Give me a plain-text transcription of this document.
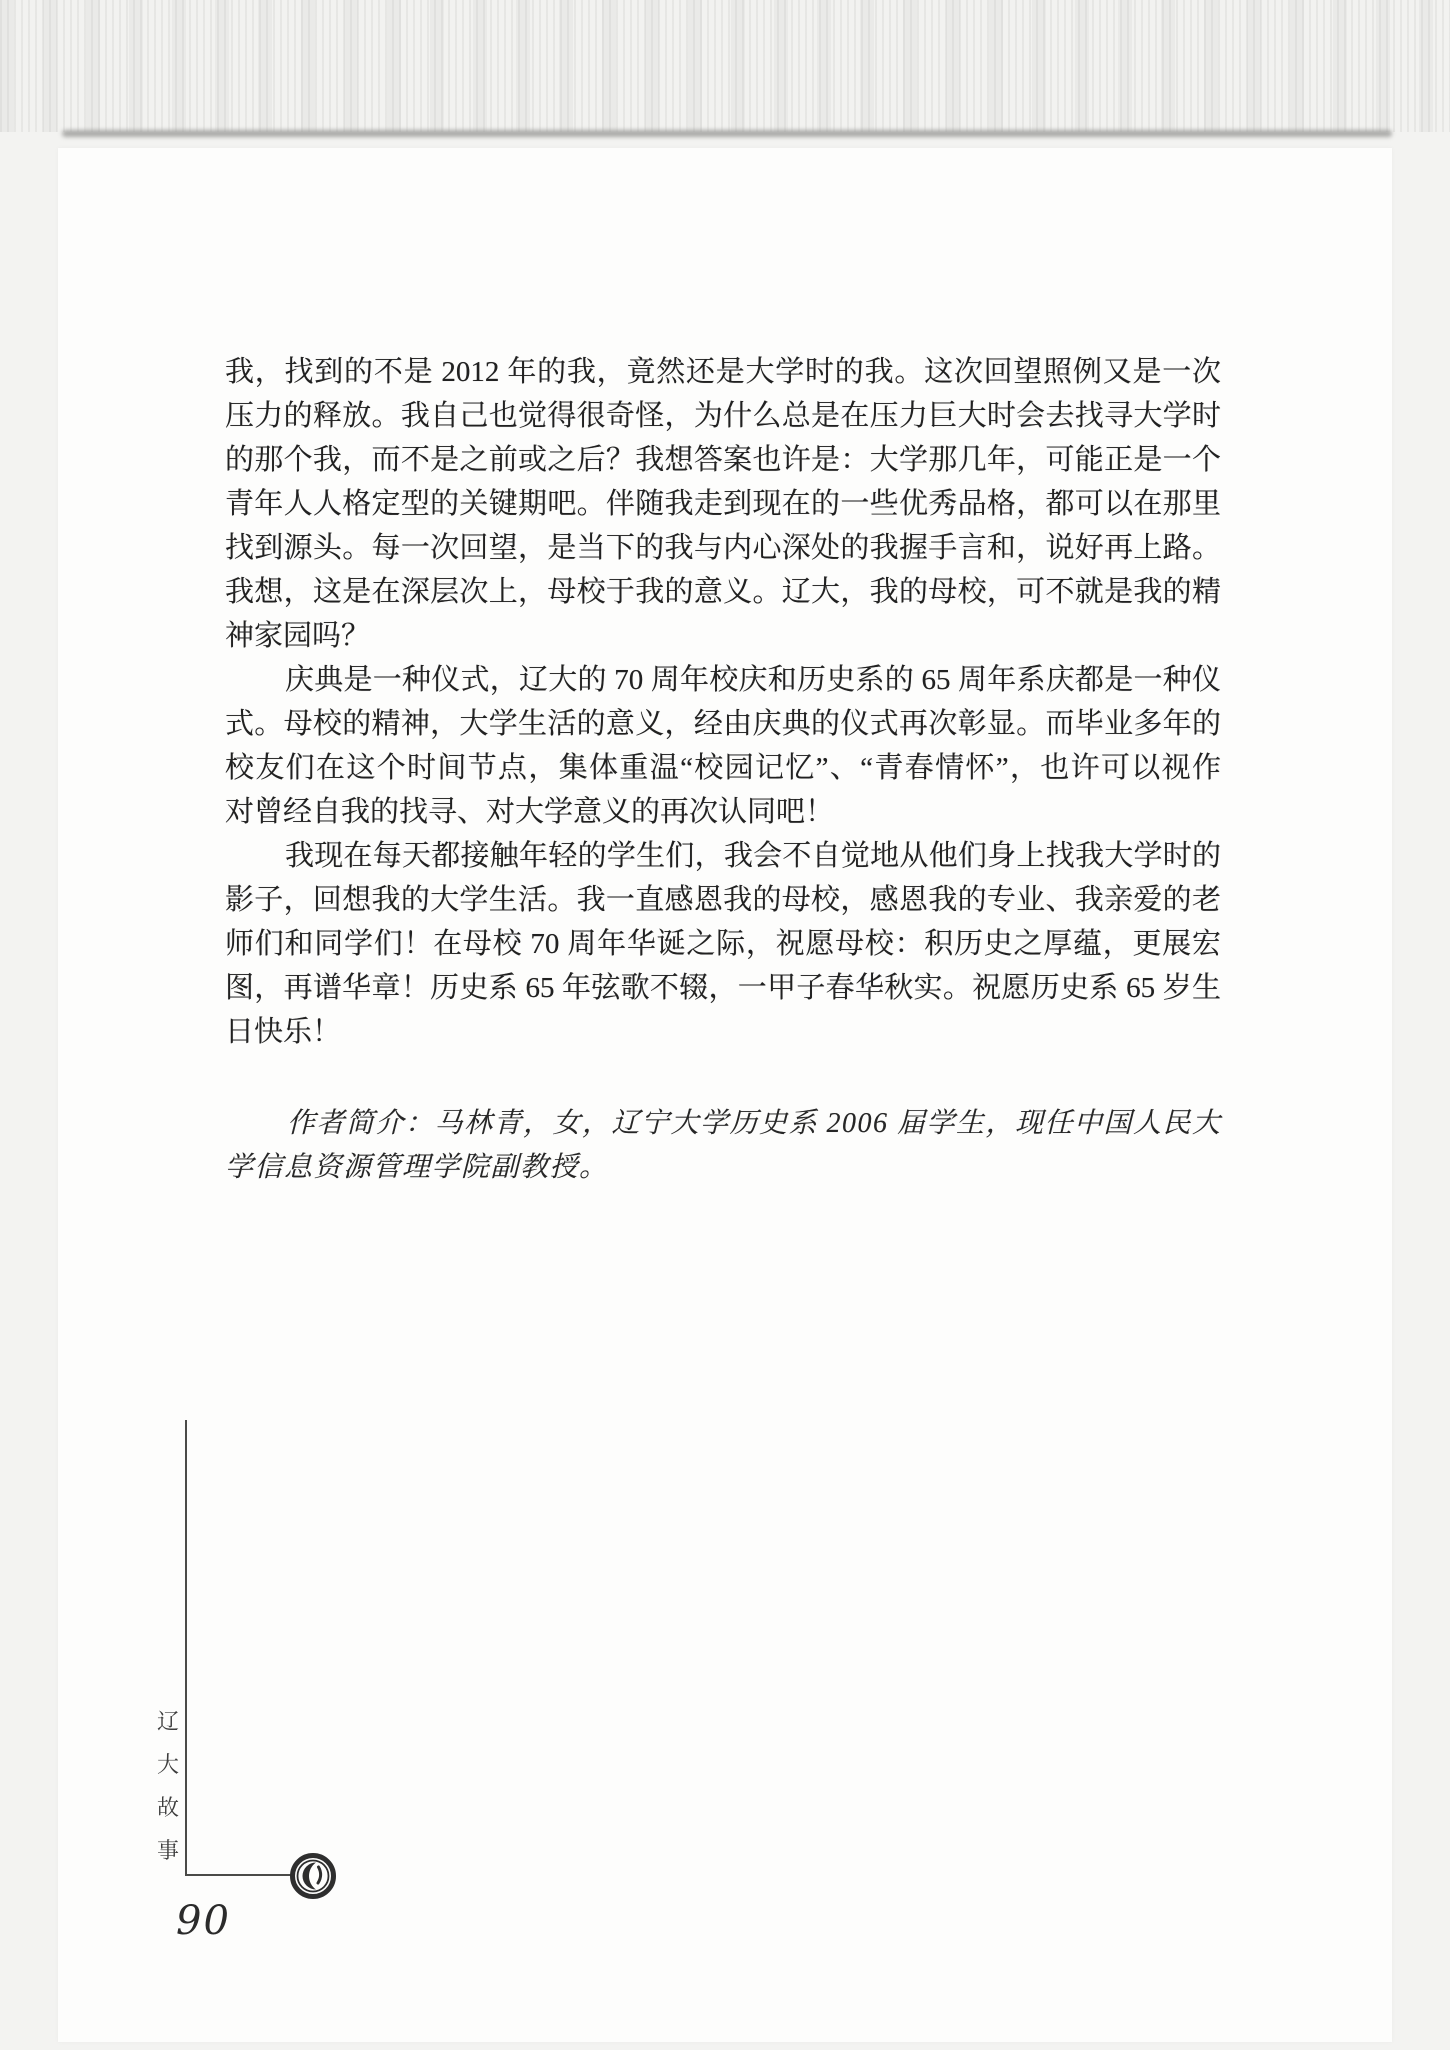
我，找到的不是 2012 年的我，竟然还是大学时的我。这次回望照例又是一次
压力的释放。我自己也觉得很奇怪，为什么总是在压力巨大时会去找寻大学时
的那个我，而不是之前或之后？我想答案也许是：大学那几年，可能正是一个
青年人人格定型的关键期吧。伴随我走到现在的一些优秀品格，都可以在那里
找到源头。每一次回望，是当下的我与内心深处的我握手言和，说好再上路。
我想，这是在深层次上，母校于我的意义。辽大，我的母校，可不就是我的精
神家园吗？
庆典是一种仪式，辽大的 70 周年校庆和历史系的 65 周年系庆都是一种仪
式。母校的精神，大学生活的意义，经由庆典的仪式再次彰显。而毕业多年的
校友们在这个时间节点，集体重温“校园记忆”、“青春情怀”，也许可以视作
对曾经自我的找寻、对大学意义的再次认同吧！
我现在每天都接触年轻的学生们，我会不自觉地从他们身上找我大学时的
影子，回想我的大学生活。我一直感恩我的母校，感恩我的专业、我亲爱的老
师们和同学们！在母校 70 周年华诞之际，祝愿母校：积历史之厚蕴，更展宏
图，再谱华章！历史系 65 年弦歌不辍，一甲子春华秋实。祝愿历史系 65 岁生
日快乐！
作者简介：马林青，女，辽宁大学历史系 2006 届学生，现任中国人民大
学信息资源管理学院副教授。
辽
大
故
事
90
